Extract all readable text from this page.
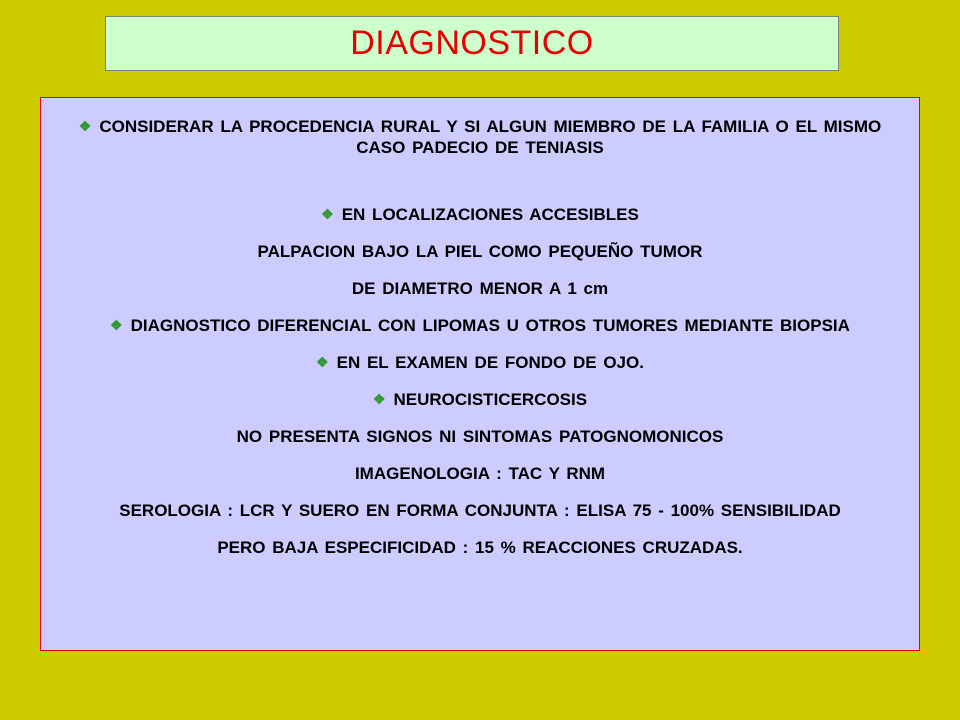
DIAGNOSTICO

❖ CONSIDERAR LA PROCEDENCIA RURAL Y SI ALGUN MIEMBRO DE LA FAMILIA O EL MISMO CASO PADECIO DE TENIASIS

❖ EN LOCALIZACIONES ACCESIBLES

PALPACION BAJO LA PIEL COMO PEQUEÑO TUMOR

DE DIAMETRO MENOR A 1 cm

❖ DIAGNOSTICO DIFERENCIAL CON LIPOMAS U OTROS TUMORES MEDIANTE BIOPSIA

❖ EN EL EXAMEN DE FONDO DE OJO.

❖ NEUROCISTICERCOSIS

NO PRESENTA SIGNOS NI SINTOMAS PATOGNOMONICOS

IMAGENOLOGIA : TAC Y RNM

SEROLOGIA : LCR Y SUERO EN FORMA CONJUNTA : ELISA 75 - 100% SENSIBILIDAD

PERO BAJA ESPECIFICIDAD : 15 % REACCIONES CRUZADAS.
